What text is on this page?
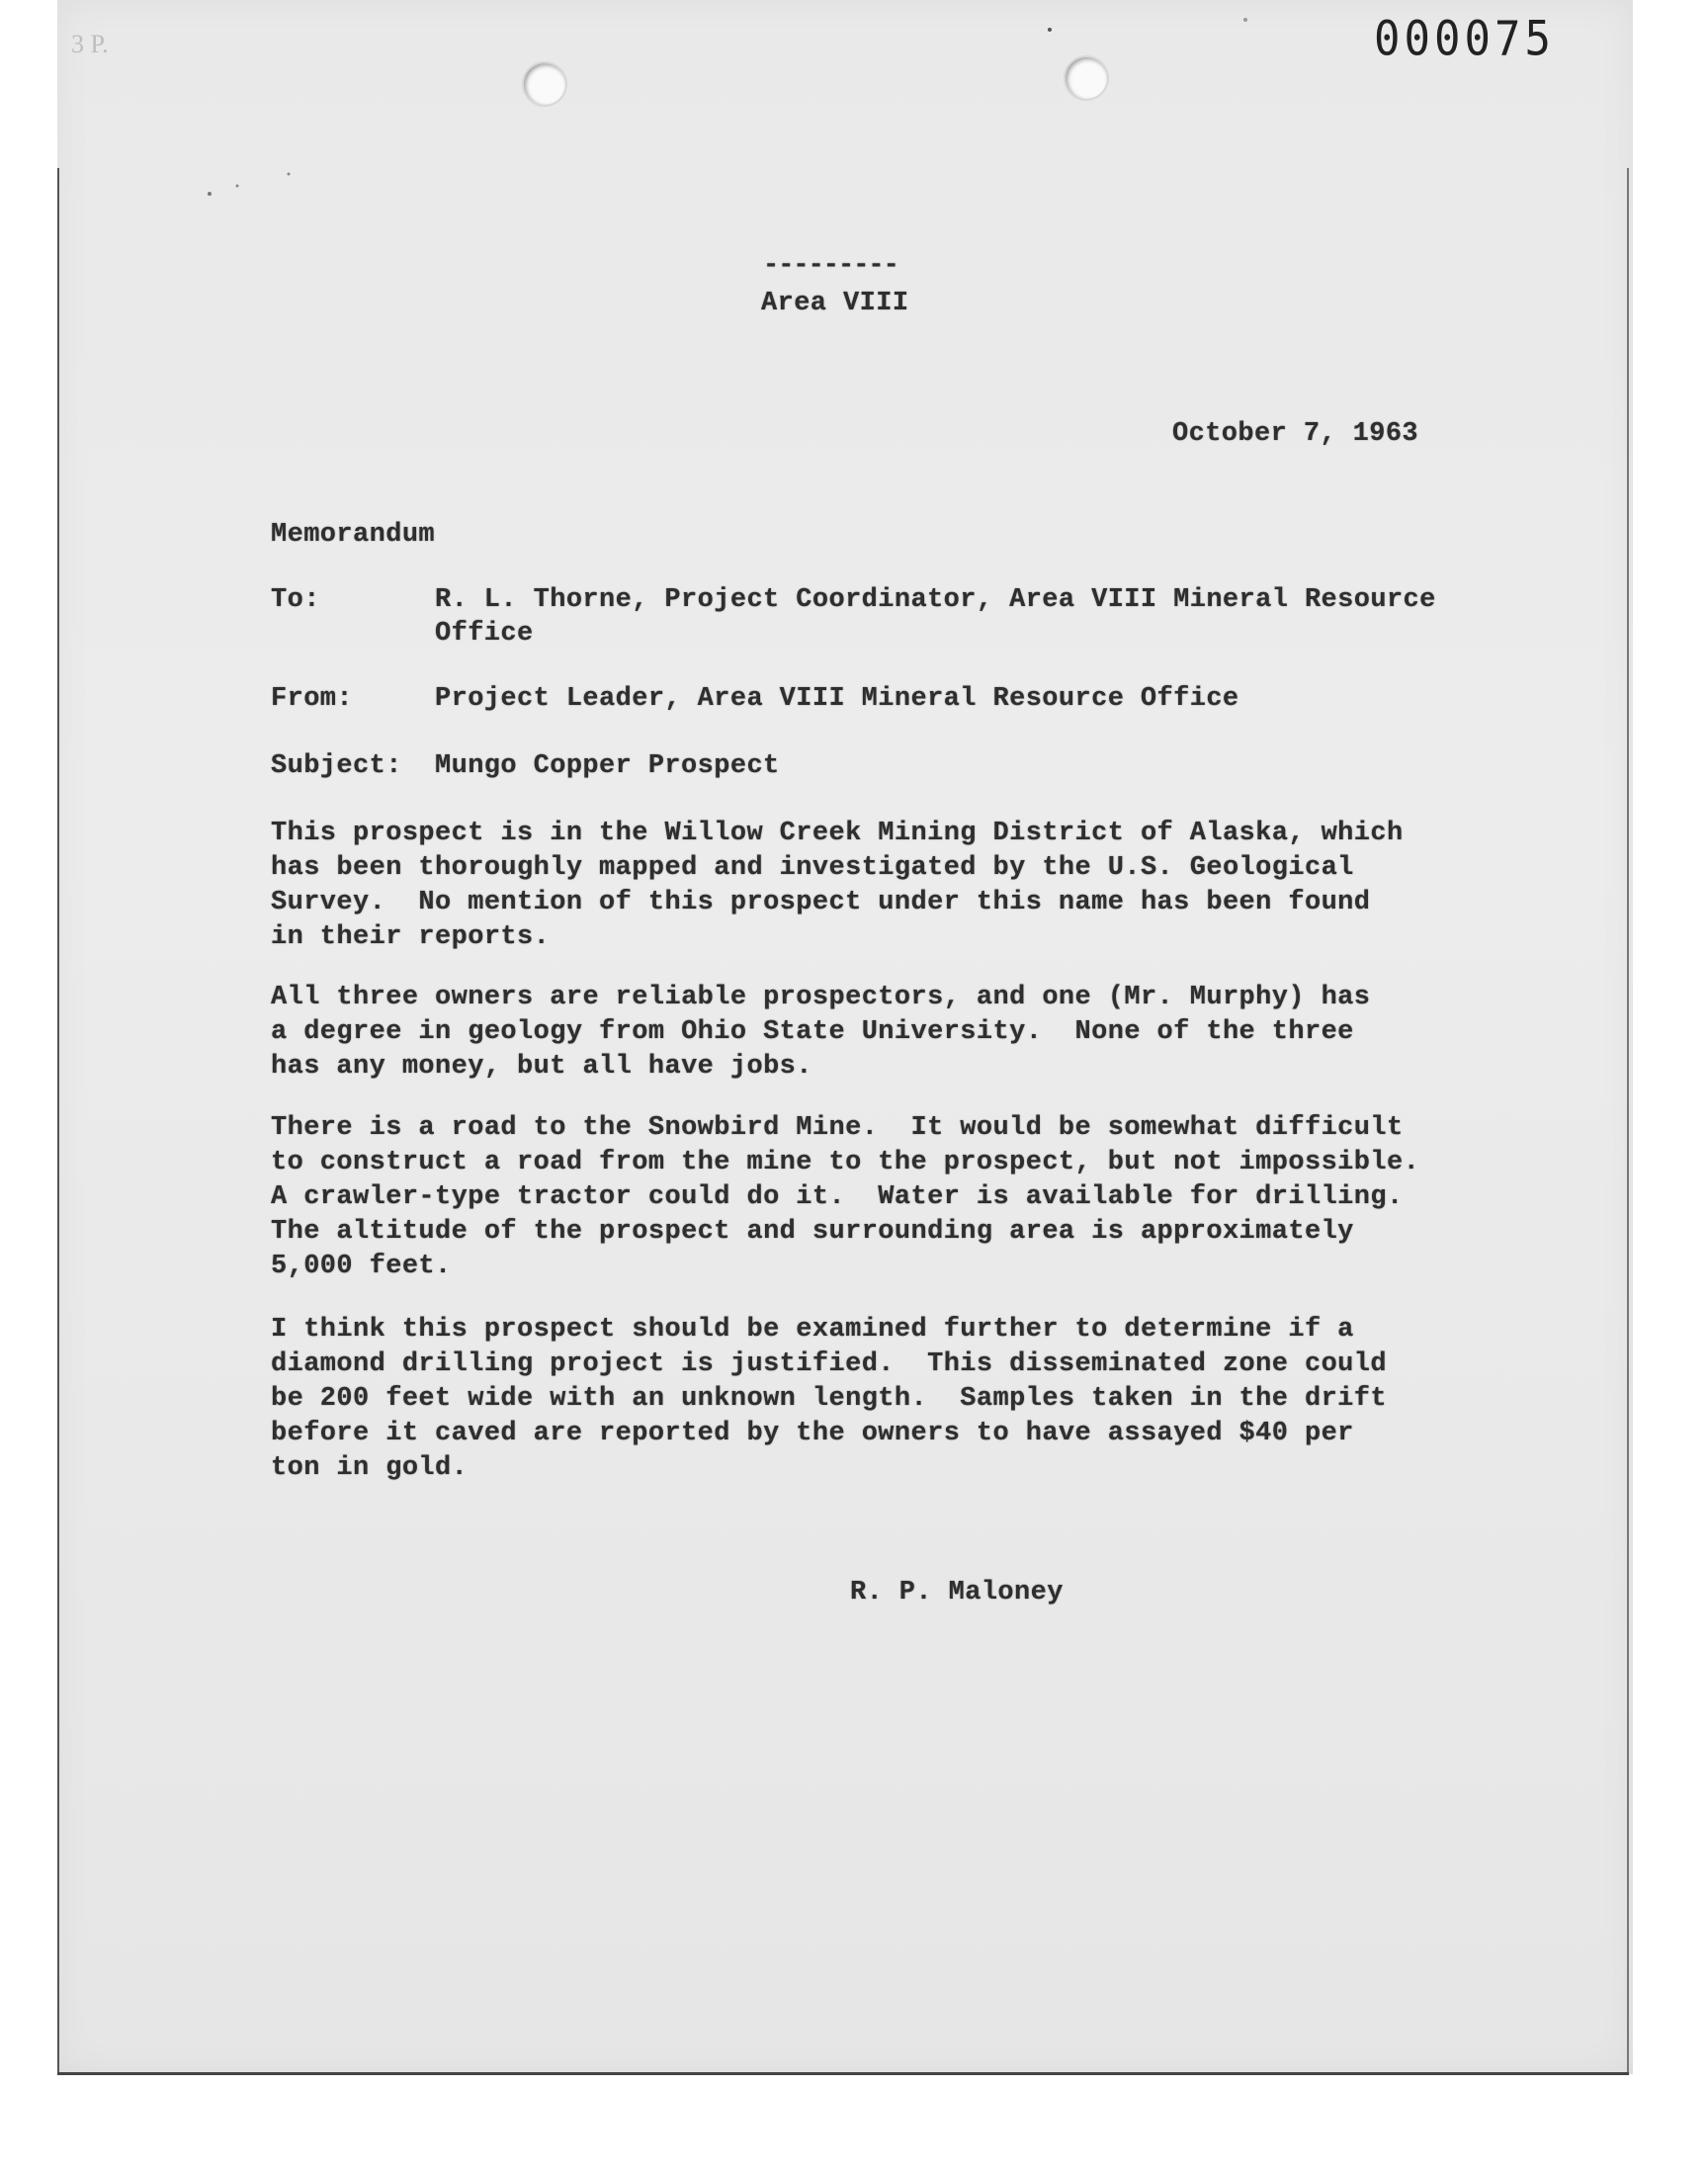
3 P.	000075
---------
Area VIII
October 7, 1963
Memorandum
To:	R. L. Thorne, Project Coordinator, Area VIII Mineral Resource
Office
From:	Project Leader, Area VIII Mineral Resource Office
Subject: Mungo Copper Prospect
This prospect is in the Willow Creek Mining District of Alaska, which
has been thoroughly mapped and investigated by the U.S. Geological
Survey.  No mention of this prospect under this name has been found
in their reports.
All three owners are reliable prospectors, and one (Mr. Murphy) has
a degree in geology from Ohio State University.  None of the three
has any money, but all have jobs.
There is a road to the Snowbird Mine.  It would be somewhat difficult
to construct a road from the mine to the prospect, but not impossible.
A crawler-type tractor could do it.  Water is available for drilling.
The altitude of the prospect and surrounding area is approximately
5,000 feet.
I think this prospect should be examined further to determine if a
diamond drilling project is justified.  This disseminated zone could
be 200 feet wide with an unknown length.  Samples taken in the drift
before it caved are reported by the owners to have assayed $40 per
ton in gold.
R. P. Maloney
